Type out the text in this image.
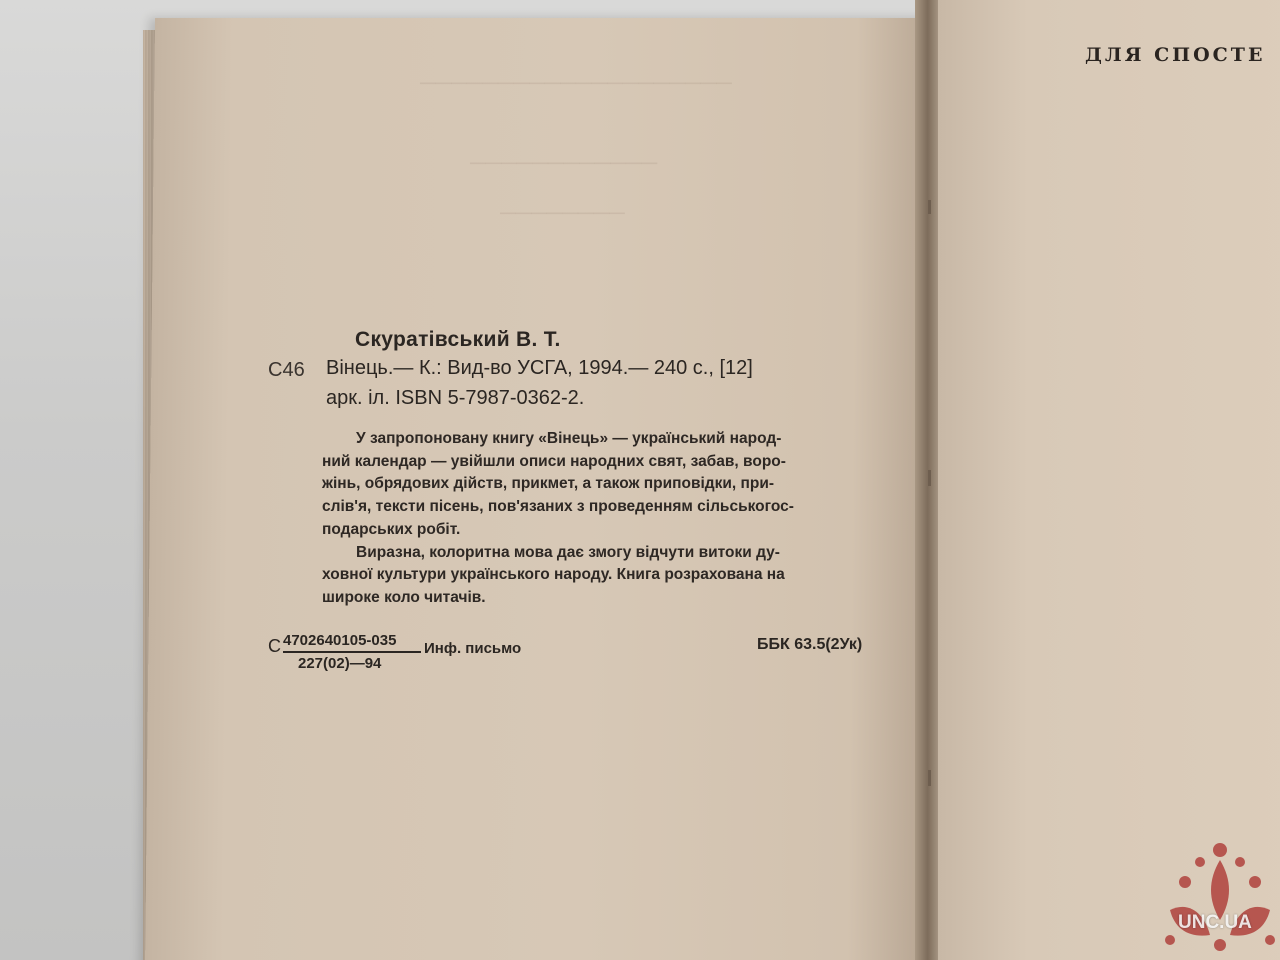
────────────────────
────────────
────────
ДЛЯ СПОСТЕ
Скуратівський В. Т.
С46 Вінець.— К.: Вид-во УСГА, 1994.— 240 с., [12]
арк. іл. ISBN 5-7987-0362-2.

У запропоновану книгу «Вінець» — український народ-
ний календар — увійшли описи народних свят, забав, воро-
жінь, обрядових дійств, прикмет, а також приповідки, при-
слів'я, тексти пісень, пов'язаних з проведенням сільськогос-
подарських робіт.

Виразна, колоритна мова дає змогу відчути витоки ду-
ховної культури українського народу. Книга розрахована на
широке коло читачів.

С 4702640105-035
227(02)—94
Инф. письмо	ББК 63.5(2Ук)
UNC.UA
